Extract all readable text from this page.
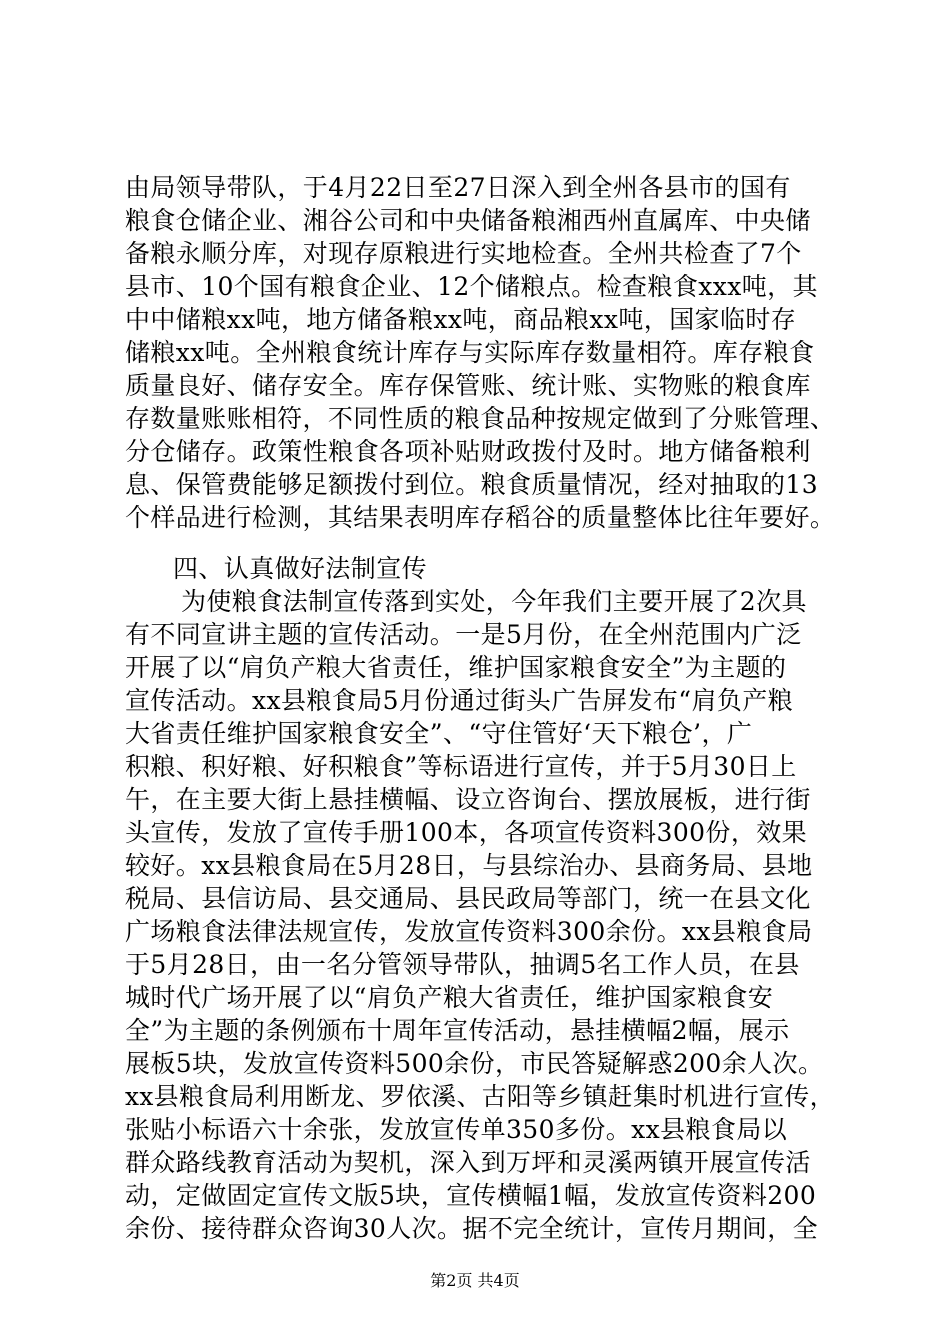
由局领导带队，于4月22日至27日深入到全州各县市的国有

粮食仓储企业、湘谷公司和中央储备粮湘西州直属库、中央储

备粮永顺分库，对现存原粮进行实地检查。全州共检查了7个

县市、10个国有粮食企业、12个储粮点。检查粮食xxx吨，其

中中储粮xx吨，地方储备粮xx吨，商品粮xx吨，国家临时存

储粮xx吨。全州粮食统计库存与实际库存数量相符。库存粮食

质量良好、储存安全。库存保管账、统计账、实物账的粮食库

存数量账账相符，不同性质的粮食品种按规定做到了分账管理、

分仓储存。政策性粮食各项补贴财政拨付及时。地方储备粮利

息、保管费能够足额拨付到位。粮食质量情况，经对抽取的13

个样品进行检测，其结果表明库存稻谷的质量整体比往年要好。

四、认真做好法制宣传

为使粮食法制宣传落到实处，今年我们主要开展了2次具

有不同宣讲主题的宣传活动。一是5月份，在全州范围内广泛

开展了以“肩负产粮大省责任，维护国家粮食安全”为主题的

宣传活动。xx县粮食局5月份通过街头广告屏发布“肩负产粮

大省责任维护国家粮食安全”、“守住管好‘天下粮仓’，广

积粮、积好粮、好积粮食”等标语进行宣传，并于5月30日上

午，在主要大街上悬挂横幅、设立咨询台、摆放展板，进行街

头宣传，发放了宣传手册100本，各项宣传资料300份，效果

较好。xx县粮食局在5月28日，与县综治办、县商务局、县地

税局、县信访局、县交通局、县民政局等部门，统一在县文化

广场粮食法律法规宣传，发放宣传资料300余份。xx县粮食局

于5月28日，由一名分管领导带队，抽调5名工作人员，在县

城时代广场开展了以“肩负产粮大省责任，维护国家粮食安

全”为主题的条例颁布十周年宣传活动，悬挂横幅2幅，展示

展板5块，发放宣传资料500余份，市民答疑解惑200余人次。

xx县粮食局利用断龙、罗依溪、古阳等乡镇赶集时机进行宣传，

张贴小标语六十余张，发放宣传单350多份。xx县粮食局以

群众路线教育活动为契机，深入到万坪和灵溪两镇开展宣传活

动，定做固定宣传文版5块，宣传横幅1幅，发放宣传资料200

余份、接待群众咨询30人次。据不完全统计，宣传月期间，全

第2页 共4页
